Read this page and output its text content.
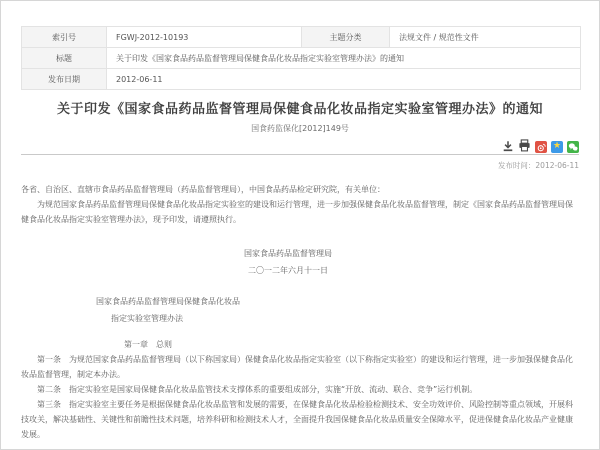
索引号	FGWJ-2012-10193	主题分类	法规文件 / 规范性文件
标题	关于印发《国家食品药品监督管理局保健食品化妆品指定实验室管理办法》的通知		
发布日期	2012-06-11		
关于印发《国家食品药品监督管理局保健食品化妆品指定实验室管理办法》的通知
国食药监保化[2012]149号
★
发布时间：2012-06-11

各省、自治区、直辖市食品药品监督管理局（药品监督管理局），中国食品药品检定研究院，有关单位：

为规范国家食品药品监督管理局保健食品化妆品指定实验室的建设和运行管理，进一步加强保健食品化妆品监督管理，制定《国家食品药品监督管理局保健食品化妆品指定实验室管理办法》，现予印发，请遵照执行。

国家食品药品监督管理局
二〇一二年六月十一日
国家食品药品监督管理局保健食品化妆品
指定实验室管理办法
第一章　总则

第一条　为规范国家食品药品监督管理局（以下称国家局）保健食品化妆品指定实验室（以下称指定实验室）的建设和运行管理，进一步加强保健食品化妆品监督管理，制定本办法。

第二条　指定实验室是国家局保健食品化妆品监管技术支撑体系的重要组成部分，实施“开放、流动、联合、竞争”运行机制。

第三条　指定实验室主要任务是根据保健食品化妆品监管和发展的需要，在保健食品化妆品检验检测技术、安全功效评价、风险控制等重点领域，开展科技攻关，解决基础性、关键性和前瞻性技术问题，培养科研和检测技术人才，全面提升我国保健食品化妆品质量安全保障水平，促进保健食品化妆品产业健康发展。
